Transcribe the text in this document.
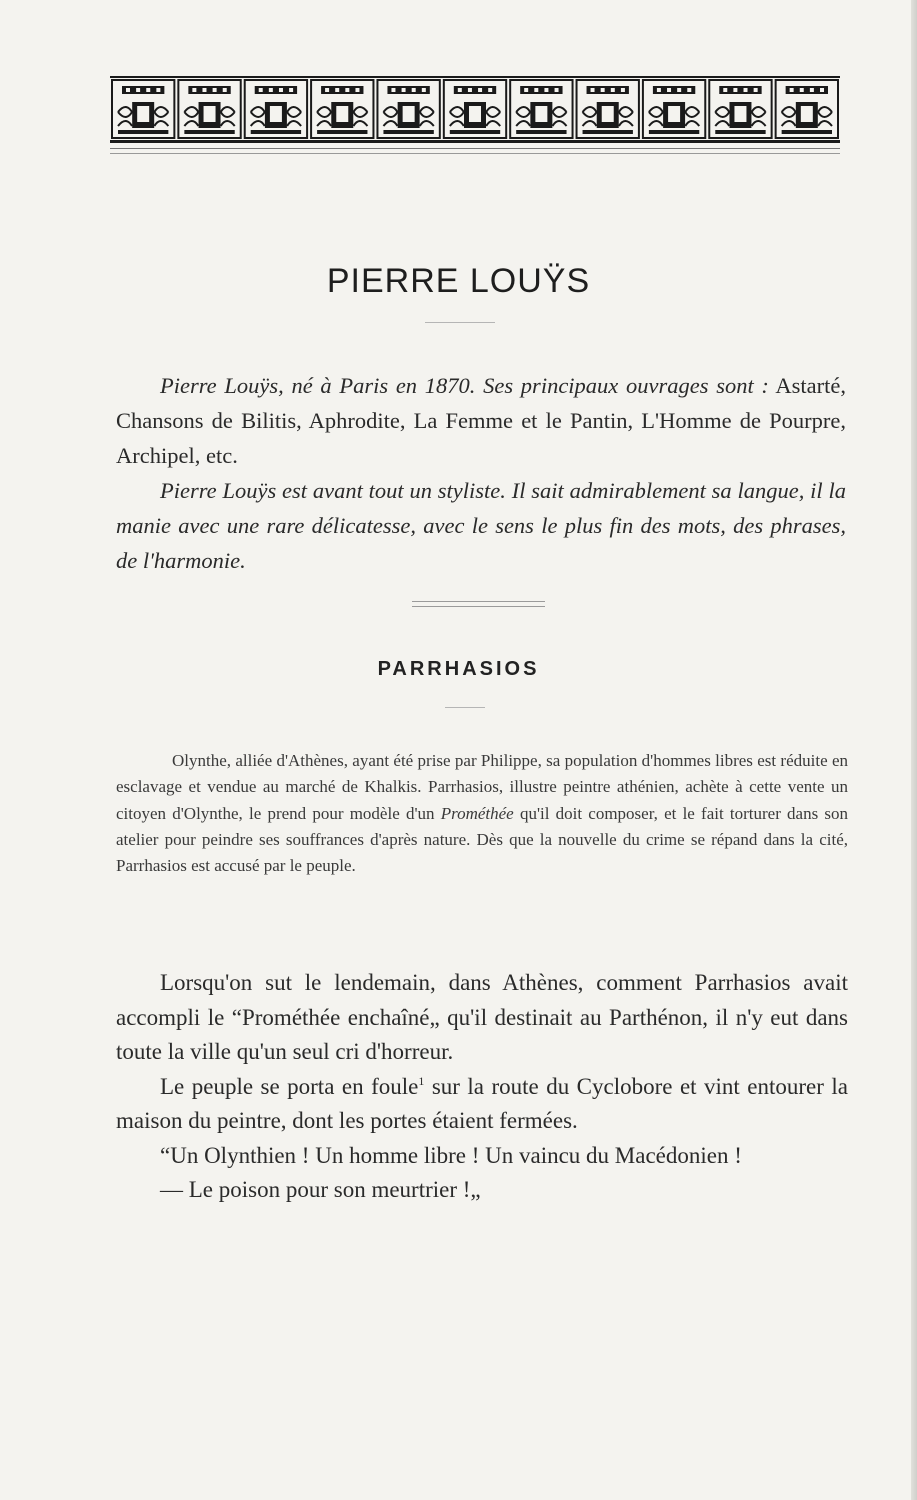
PIERRE LOUŸS

Pierre Louÿs, né à Paris en 1870. Ses principaux ouvrages sont : Astarté, Chansons de Bilitis, Aphrodite, La Femme et le Pantin, L'Homme de Pourpre, Archipel, etc.

Pierre Louÿs est avant tout un styliste. Il sait admirablement sa langue, il la manie avec une rare délicatesse, avec le sens le plus fin des mots, des phrases, de l'harmonie.

PARRHASIOS

Olynthe, alliée d'Athènes, ayant été prise par Philippe, sa population d'hommes libres est réduite en esclavage et vendue au marché de Khalkis. Parrhasios, illustre peintre athénien, achète à cette vente un citoyen d'Olynthe, le prend pour modèle d'un Prométhée qu'il doit composer, et le fait torturer dans son atelier pour peindre ses souffrances d'après nature. Dès que la nouvelle du crime se répand dans la cité, Parrhasios est accusé par le peuple.

Lorsqu'on sut le lendemain, dans Athènes, comment Parrhasios avait accompli le “Prométhée enchaîné„ qu'il destinait au Parthénon, il n'y eut dans toute la ville qu'un seul cri d'horreur.

Le peuple se porta en foule$^1$ sur la route du Cyclobore et vint entourer la maison du peintre, dont les portes étaient fermées.

“Un Olynthien ! Un homme libre ! Un vaincu du Macédonien !

— Le poison pour son meurtrier !„
